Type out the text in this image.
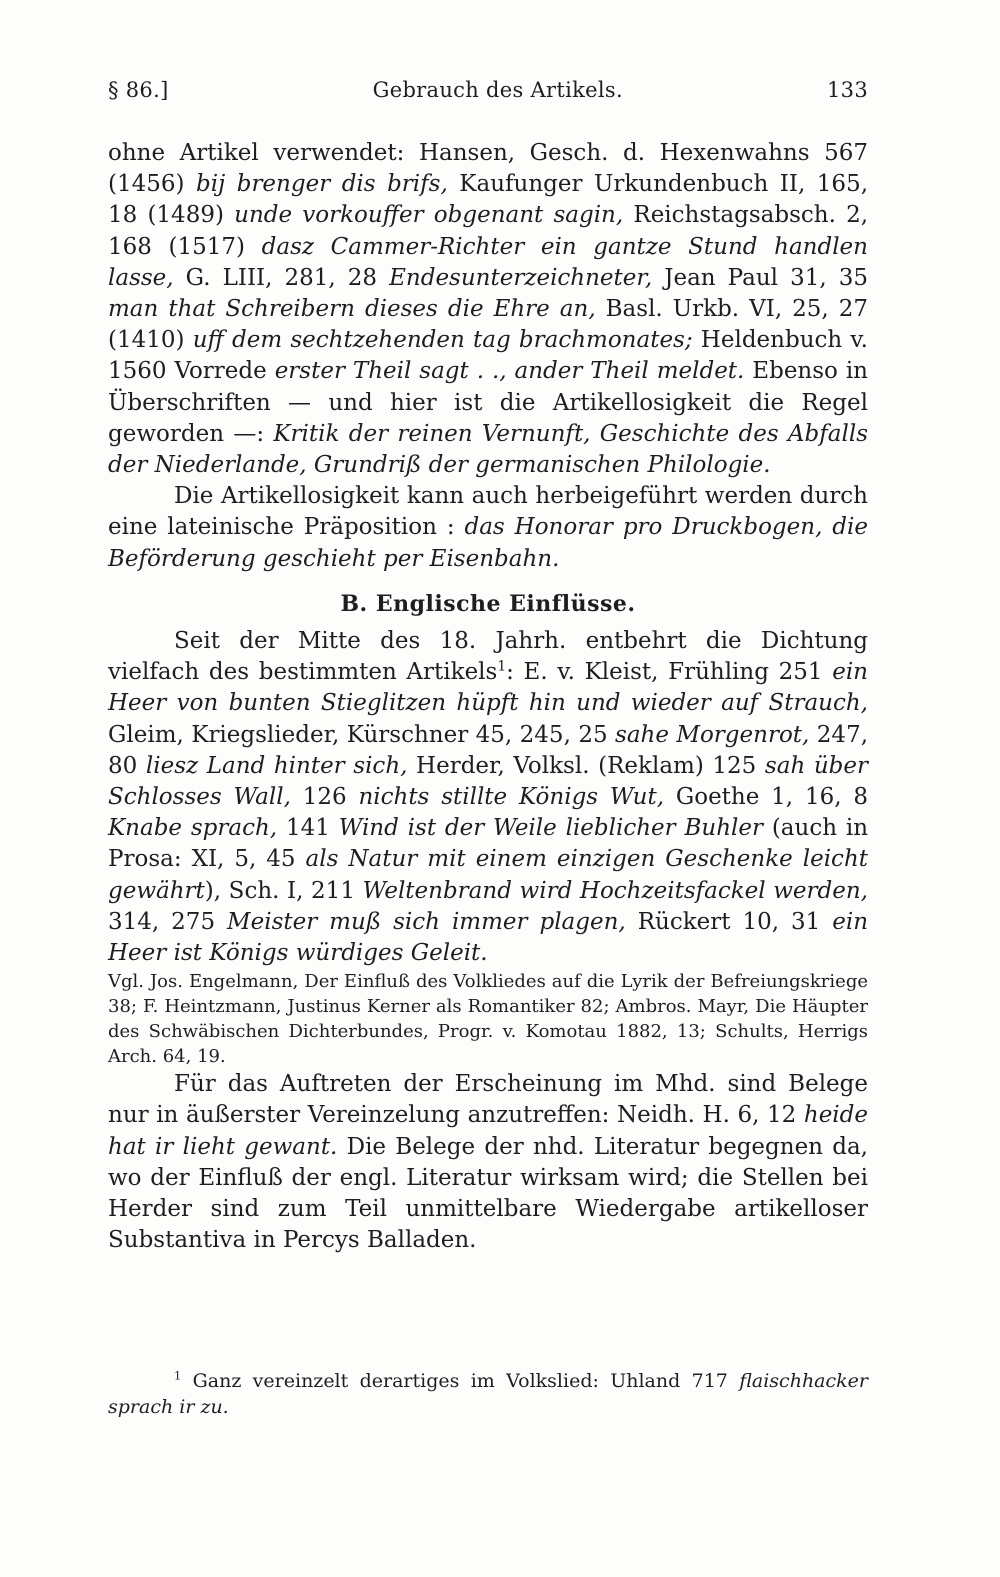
§ 86.]	Gebrauch des Artikels.	133

ohne Artikel verwendet: Hansen, Gesch. d. Hexenwahns 567 (1456) bij brenger dis brifs, Kaufunger Urkundenbuch II, 165, 18 (1489) unde vorkouffer obgenant sagin, Reichstagsabsch. 2, 168 (1517) dasz Cammer-Richter ein gantze Stund handlen lasse, G. LIII, 281, 28 Endesunterzeichneter, Jean Paul 31, 35 man that Schreibern dieses die Ehre an, Basl. Urkb. VI, 25, 27 (1410) uff dem sechtzehenden tag brachmonates; Heldenbuch v. 1560 Vorrede erster Theil sagt . ., ander Theil meldet. Ebenso in Überschriften — und hier ist die Artikellosigkeit die Regel geworden —: Kritik der reinen Vernunft, Geschichte des Abfalls der Niederlande, Grundriß der germanischen Philologie.

Die Artikellosigkeit kann auch herbeigeführt werden durch eine lateinische Präposition : das Honorar pro Druckbogen, die Beförderung geschieht per Eisenbahn.

B. Englische Einflüsse.

Seit der Mitte des 18. Jahrh. entbehrt die Dichtung vielfach des bestimmten Artikels$^1$: E. v. Kleist, Frühling 251 ein Heer von bunten Stieglitzen hüpft hin und wieder auf Strauch, Gleim, Kriegslieder, Kürschner 45, 245, 25 sahe Morgenrot, 247, 80 liesz Land hinter sich, Herder, Volksl. (Reklam) 125 sah über Schlosses Wall, 126 nichts stillte Königs Wut, Goethe 1, 16, 8 Knabe sprach, 141 Wind ist der Weile lieblicher Buhler (auch in Prosa: XI, 5, 45 als Natur mit einem einzigen Geschenke leicht gewährt), Sch. I, 211 Weltenbrand wird Hochzeitsfackel werden, 314, 275 Meister muß sich immer plagen, Rückert 10, 31 ein Heer ist Königs würdiges Geleit.

Vgl. Jos. Engelmann, Der Einfluß des Volkliedes auf die Lyrik der Befreiungskriege 38; F. Heintzmann, Justinus Kerner als Romantiker 82; Ambros. Mayr, Die Häupter des Schwäbischen Dichterbundes, Progr. v. Komotau 1882, 13; Schults, Herrigs Arch. 64, 19.

Für das Auftreten der Erscheinung im Mhd. sind Belege nur in äußerster Vereinzelung anzutreffen: Neidh. H. 6, 12 heide hat ir lieht gewant. Die Belege der nhd. Literatur begegnen da, wo der Einfluß der engl. Literatur wirksam wird; die Stellen bei Herder sind zum Teil unmittelbare Wiedergabe artikelloser Substantiva in Percys Balladen.

$^1$ Ganz vereinzelt derartiges im Volkslied: Uhland 717 flaischhacker sprach ir zu.
